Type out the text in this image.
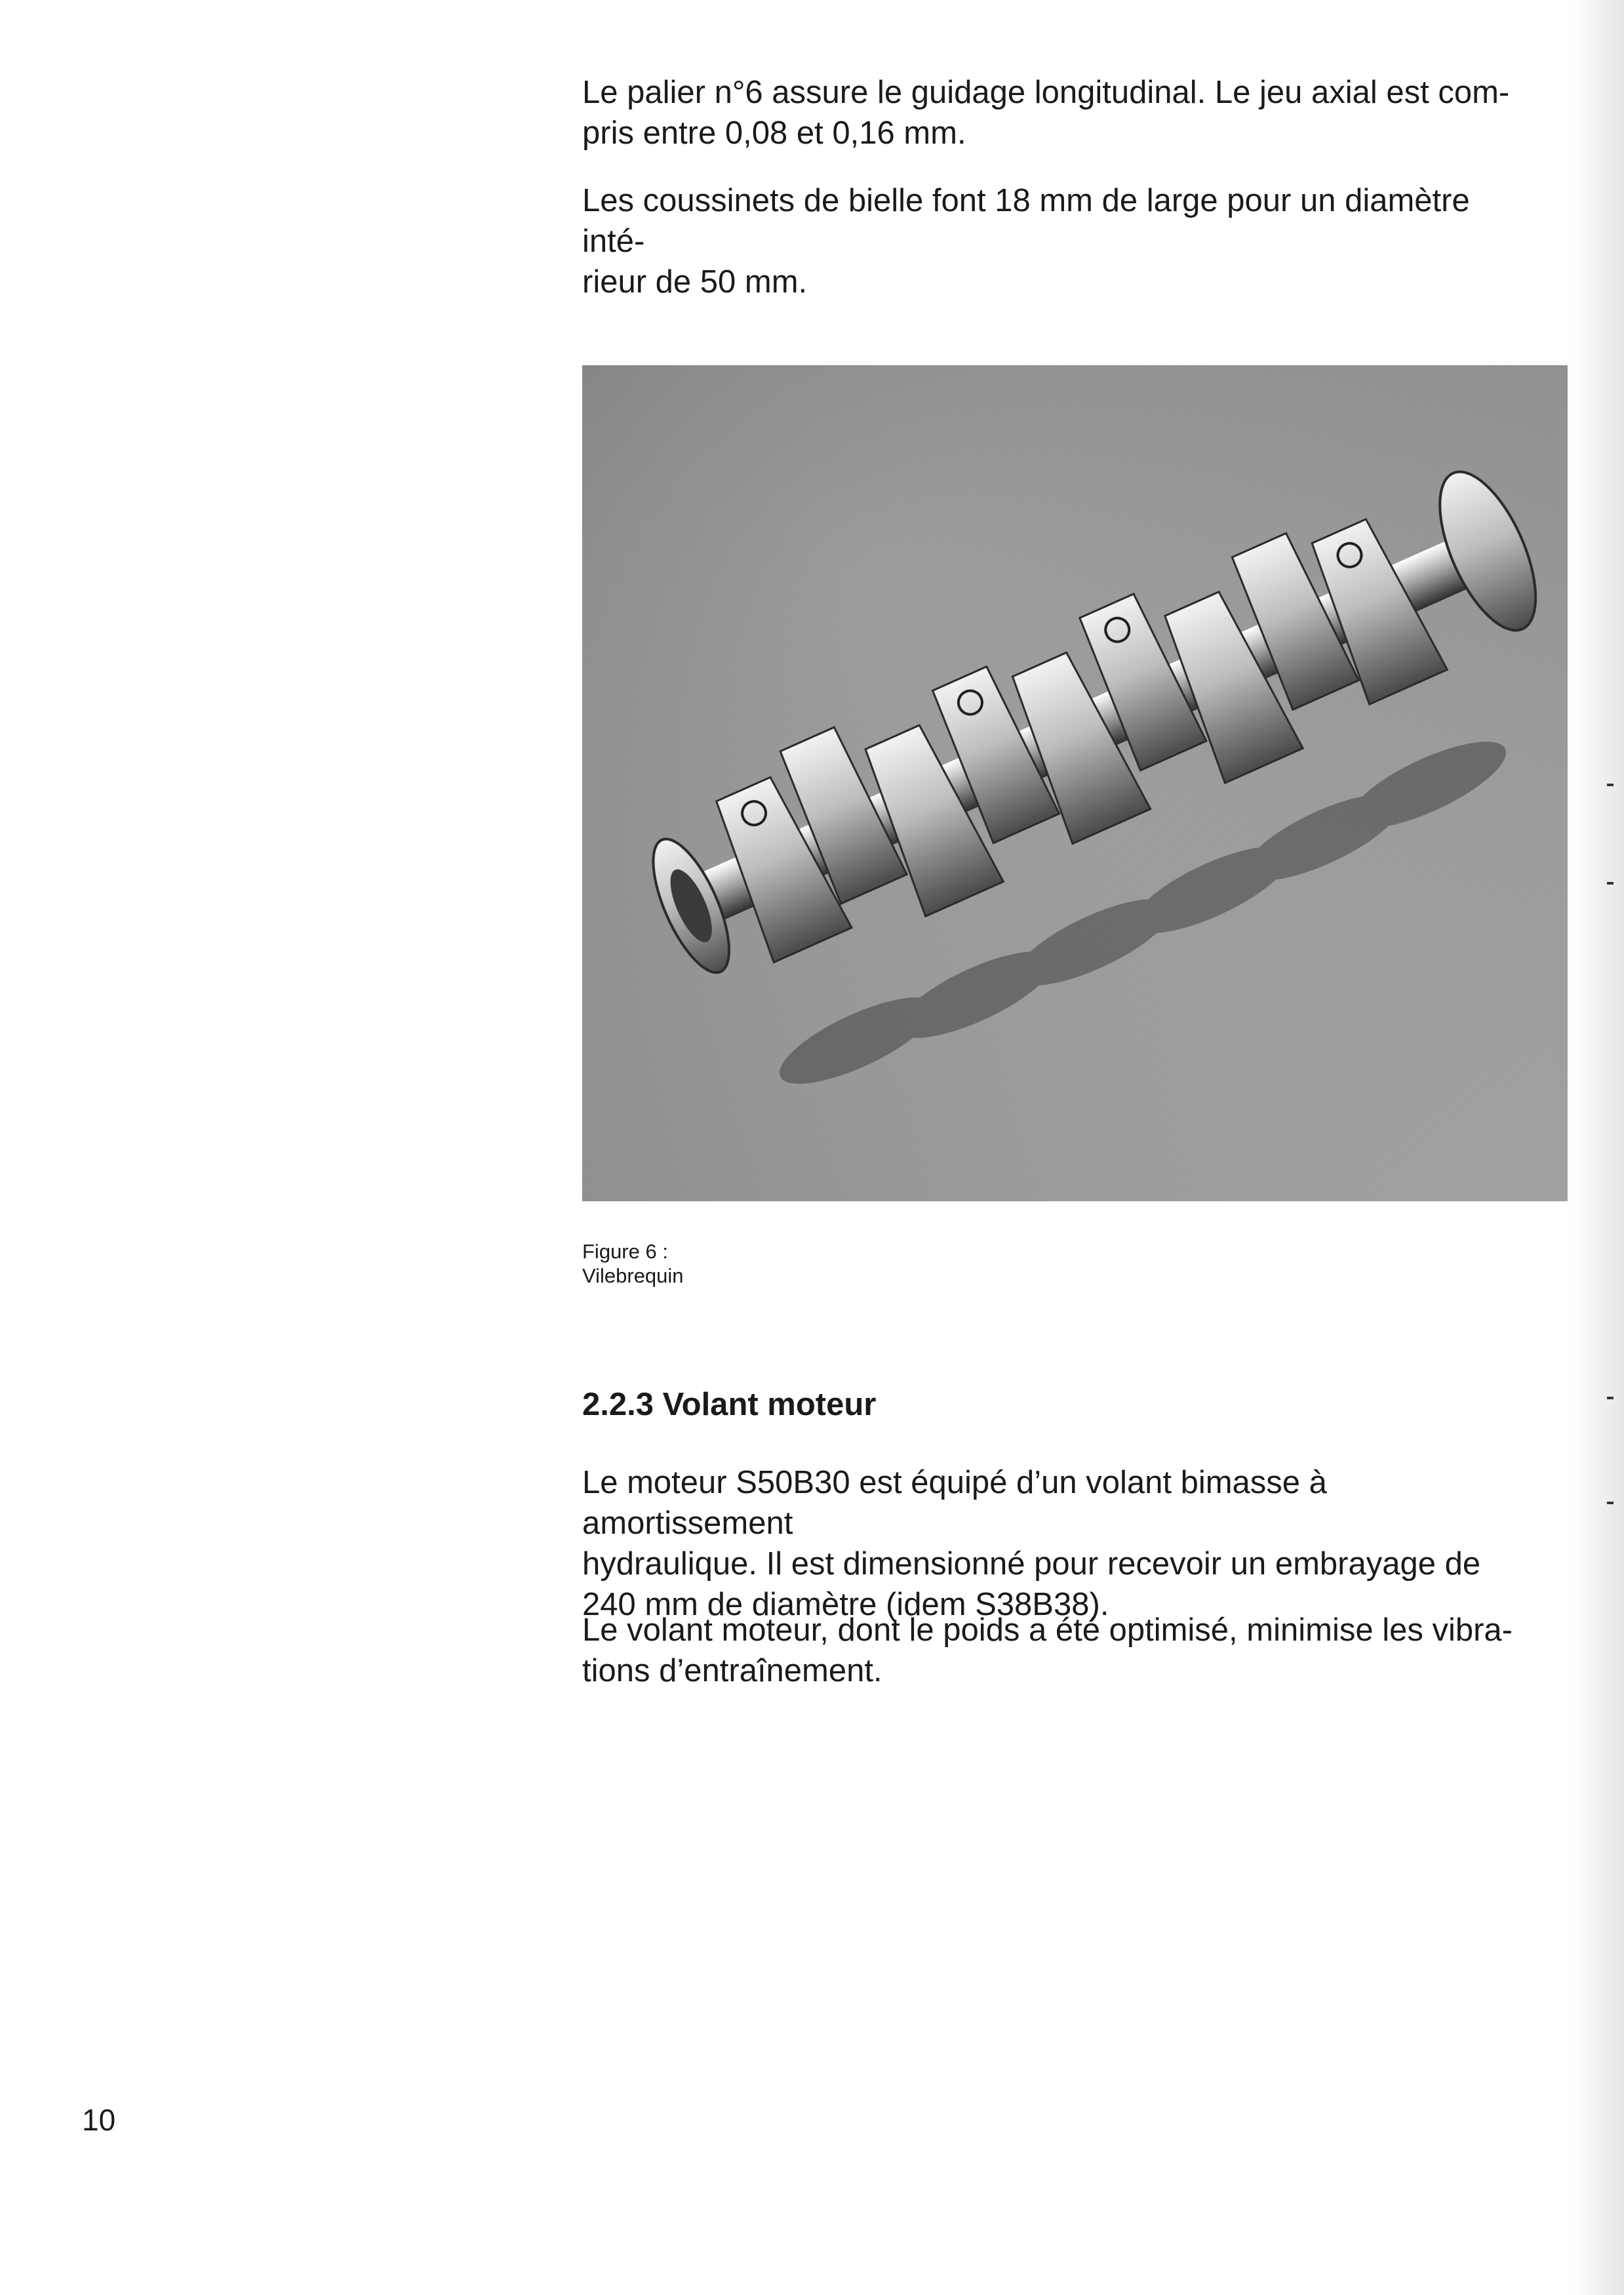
Le palier n°6 assure le guidage longitudinal. Le jeu axial est com-
pris entre 0,08 et 0,16 mm.

Les coussinets de bielle font 18 mm de large pour un diamètre inté-
rieur de 50 mm.

Figure 6 :
Vilebrequin

2.2.3 Volant moteur

Le moteur S50B30 est équipé d’un volant bimasse à amortissement
hydraulique. Il est dimensionné pour recevoir un embrayage de
240 mm de diamètre (idem S38B38).

Le volant moteur, dont le poids a été optimisé, minimise les vibra-
tions d’entraînement.

10
